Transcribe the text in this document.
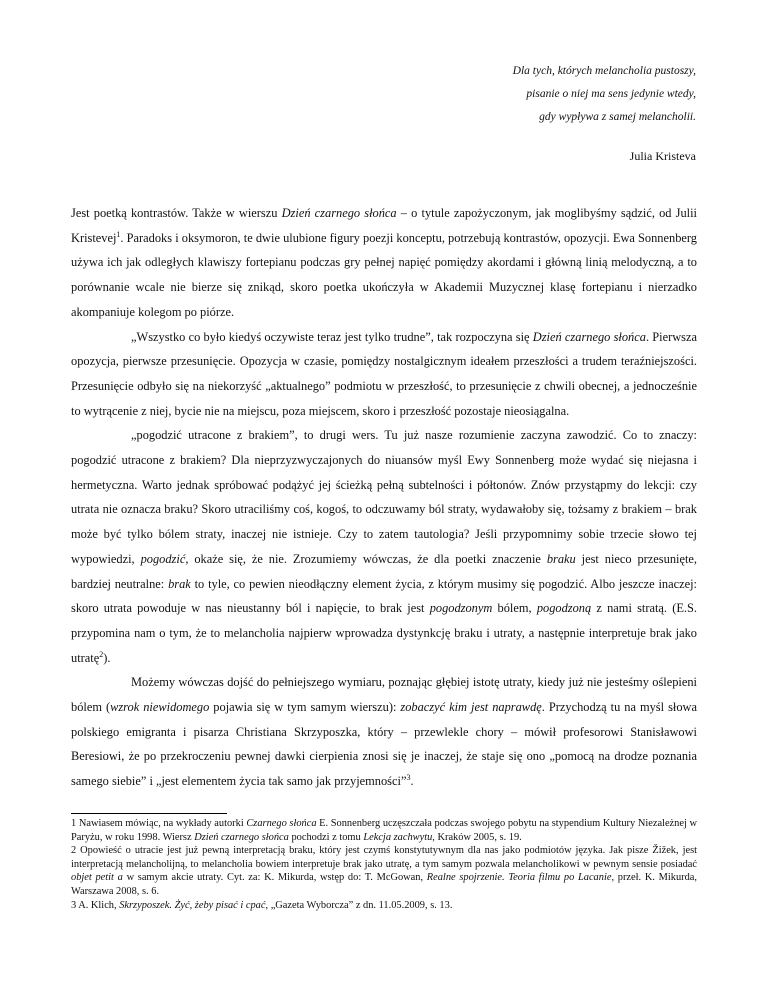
Dla tych, których melancholia pustoszy,
pisanie o niej ma sens jedynie wtedy,
gdy wypływa z samej melancholii.
Julia Kristeva

Jest poetką kontrastów. Także w wierszu Dzień czarnego słońca – o tytule zapożyczonym, jak moglibyśmy sądzić, od Julii Kristevej$^1$. Paradoks i oksymoron, te dwie ulubione figury poezji konceptu, potrzebują kontrastów, opozycji. Ewa Sonnenberg używa ich jak odległych klawiszy fortepianu podczas gry pełnej napięć pomiędzy akordami i główną linią melodyczną, a to porównanie wcale nie bierze się znikąd, skoro poetka ukończyła w Akademii Muzycznej klasę fortepianu i nierzadko akompaniuje kolegom po piórze.

„Wszystko co było kiedyś oczywiste teraz jest tylko trudne”, tak rozpoczyna się Dzień czarnego słońca. Pierwsza opozycja, pierwsze przesunięcie. Opozycja w czasie, pomiędzy nostalgicznym ideałem przeszłości a trudem teraźniejszości. Przesunięcie odbyło się na niekorzyść „aktualnego” podmiotu w przeszłość, to przesunięcie z chwili obecnej, a jednocześnie to wytrącenie z niej, bycie nie na miejscu, poza miejscem, skoro i przeszłość pozostaje nieosiągalna.

„pogodzić utracone z brakiem”, to drugi wers. Tu już nasze rozumienie zaczyna zawodzić. Co to znaczy: pogodzić utracone z brakiem? Dla nieprzyzwyczajonych do niuansów myśl Ewy Sonnenberg może wydać się niejasna i hermetyczna. Warto jednak spróbować podążyć jej ścieżką pełną subtelności i półtonów. Znów przystąpmy do lekcji: czy utrata nie oznacza braku? Skoro utraciliśmy coś, kogoś, to odczuwamy ból straty, wydawałoby się, tożsamy z brakiem – brak może być tylko bólem straty, inaczej nie istnieje. Czy to zatem tautologia? Jeśli przypomnimy sobie trzecie słowo tej wypowiedzi, pogodzić, okaże się, że nie. Zrozumiemy wówczas, że dla poetki znaczenie braku jest nieco przesunięte, bardziej neutralne: brak to tyle, co pewien nieodłączny element życia, z którym musimy się pogodzić. Albo jeszcze inaczej: skoro utrata powoduje w nas nieustanny ból i napięcie, to brak jest pogodzonym bólem, pogodzoną z nami stratą. (E.S. przypomina nam o tym, że to melancholia najpierw wprowadza dystynkcję braku i utraty, a następnie interpretuje brak jako utratę$^2$).

Możemy wówczas dojść do pełniejszego wymiaru, poznając głębiej istotę utraty, kiedy już nie jesteśmy oślepieni bólem (wzrok niewidomego pojawia się w tym samym wierszu): zobaczyć kim jest naprawdę. Przychodzą tu na myśl słowa polskiego emigranta i pisarza Christiana Skrzyposzka, który – przewlekle chory – mówił profesorowi Stanisławowi Beresiowi, że po przekroczeniu pewnej dawki cierpienia znosi się je inaczej, że staje się ono „pomocą na drodze poznania samego siebie” i „jest elementem życia tak samo jak przyjemności”$^3$.

1 Nawiasem mówiąc, na wykłady autorki Czarnego słońca E. Sonnenberg uczęszczała podczas swojego pobytu na stypendium Kultury Niezależnej w Paryżu, w roku 1998. Wiersz Dzień czarnego słońca pochodzi z tomu Lekcja zachwytu, Kraków 2005, s. 19.

2 Opowieść o utracie jest już pewną interpretacją braku, który jest czymś konstytutywnym dla nas jako podmiotów języka. Jak pisze Žižek, jest interpretacją melancholijną, to melancholia bowiem interpretuje brak jako utratę, a tym samym pozwala melancholikowi w pewnym sensie posiadać objet petit a w samym akcie utraty. Cyt. za: K. Mikurda, wstęp do: T. McGowan, Realne spojrzenie. Teoria filmu po Lacanie, przeł. K. Mikurda, Warszawa 2008, s. 6.

3 A. Klich, Skrzyposzek. Żyć, żeby pisać i cpać, „Gazeta Wyborcza” z dn. 11.05.2009, s. 13.
